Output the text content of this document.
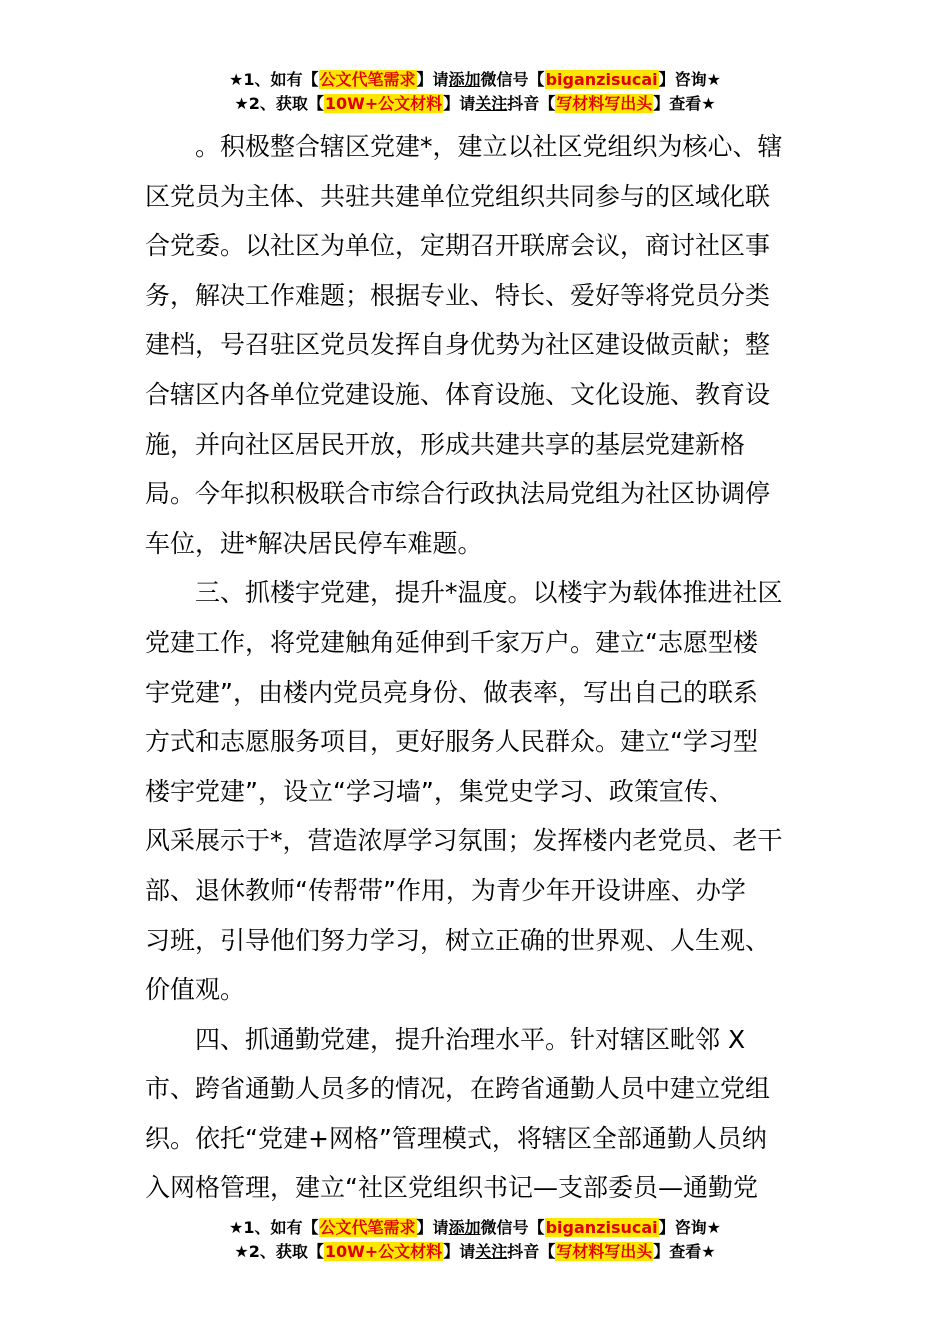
★1、如有【公文代笔需求】请添加微信号【biganzisucai】咨询★
★2、获取【10W+公文材料】请关注抖音【写材料写出头】查看★

。积极整合辖区党建*，建立以社区党组织为核心、辖

区党员为主体、共驻共建单位党组织共同参与的区域化联

合党委。以社区为单位，定期召开联席会议，商讨社区事

务，解决工作难题；根据专业、特长、爱好等将党员分类

建档，号召驻区党员发挥自身优势为社区建设做贡献；整

合辖区内各单位党建设施、体育设施、文化设施、教育设

施，并向社区居民开放，形成共建共享的基层党建新格

局。今年拟积极联合市综合行政执法局党组为社区协调停

车位，进*解决居民停车难题。

三、抓楼宇党建，提升*温度。以楼宇为载体推进社区

党建工作，将党建触角延伸到千家万户。建立“志愿型楼

宇党建”，由楼内党员亮身份、做表率，写出自己的联系

方式和志愿服务项目，更好服务人民群众。建立“学习型

楼宇党建”，设立“学习墙”，集党史学习、政策宣传、

风采展示于*，营造浓厚学习氛围；发挥楼内老党员、老干

部、退休教师“传帮带”作用，为青少年开设讲座、办学

习班，引导他们努力学习，树立正确的世界观、人生观、

价值观。

四、抓通勤党建，提升治理水平。针对辖区毗邻 X

市、跨省通勤人员多的情况，在跨省通勤人员中建立党组

织。依托“党建+网格”管理模式，将辖区全部通勤人员纳

入网格管理，建立“社区党组织书记—支部委员—通勤党

★1、如有【公文代笔需求】请添加微信号【biganzisucai】咨询★
★2、获取【10W+公文材料】请关注抖音【写材料写出头】查看★
